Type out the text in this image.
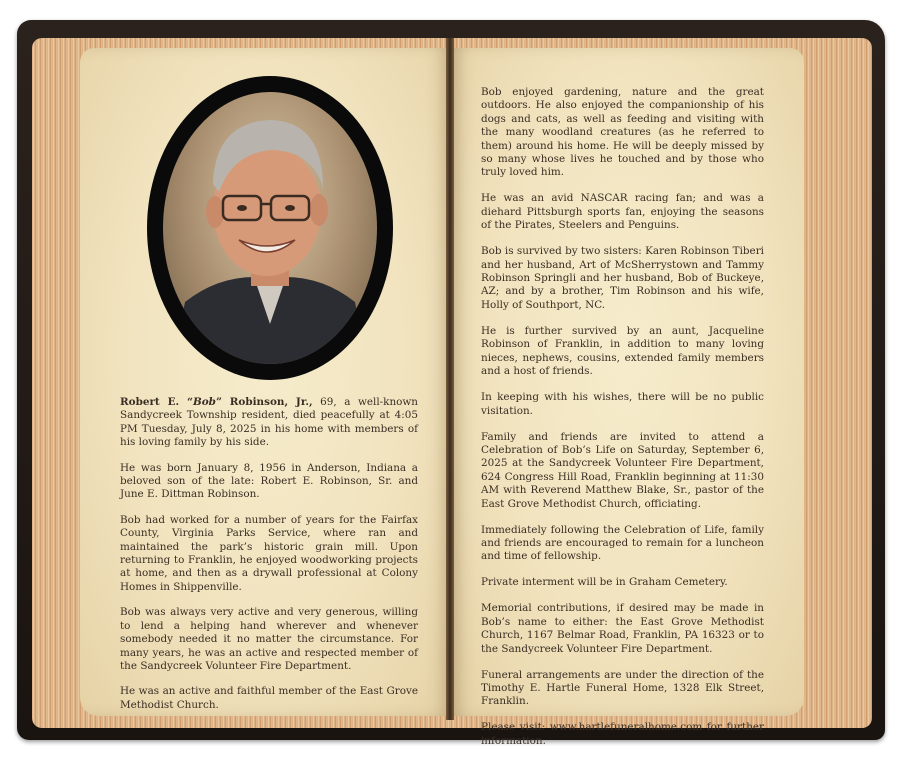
Robert E. “Bob” Robinson, Jr., 69, a well-known Sandycreek Township resident, died peacefully at 4:05 PM Tuesday, July 8, 2025 in his home with members of his loving family by his side.

He was born January 8, 1956 in Anderson, Indiana a beloved son of the late: Robert E. Robinson, Sr. and June E. Dittman Robinson.

Bob had worked for a number of years for the Fairfax County, Virginia Parks Service, where ran and maintained the park’s historic grain mill. Upon returning to Franklin, he enjoyed woodworking projects at home, and then as a drywall professional at Colony Homes in Shippenville.

Bob was always very active and very generous, willing to lend a helping hand wherever and whenever somebody needed it no matter the circumstance. For many years, he was an active and respected member of the Sandycreek Volunteer Fire Department.

He was an active and faithful member of the East Grove Methodist Church.

Bob enjoyed gardening, nature and the great outdoors. He also enjoyed the companionship of his dogs and cats, as well as feeding and visiting with the many woodland creatures (as he referred to them) around his home. He will be deeply missed by so many whose lives he touched and by those who truly loved him.

He was an avid NASCAR racing fan; and was a diehard Pittsburgh sports fan, enjoying the seasons of the Pirates, Steelers and Penguins.

Bob is survived by two sisters: Karen Robinson Tiberi and her husband, Art of McSherrystown and Tammy Robinson Springli and her husband, Bob of Buckeye, AZ; and by a brother, Tim Robinson and his wife, Holly of Southport, NC.

He is further survived by an aunt, Jacqueline Robinson of Franklin, in addition to many loving nieces, nephews, cousins, extended family members and a host of friends.

In keeping with his wishes, there will be no public visitation.

Family and friends are invited to attend a Celebration of Bob’s Life on Saturday, September 6, 2025 at the Sandycreek Volunteer Fire Department, 624 Congress Hill Road, Franklin beginning at 11:30 AM with Reverend Matthew Blake, Sr., pastor of the East Grove Methodist Church, officiating.

Immediately following the Celebration of Life, family and friends are encouraged to remain for a luncheon and time of fellowship.

Private interment will be in Graham Cemetery.

Memorial contributions, if desired may be made in Bob’s name to either: the East Grove Methodist Church, 1167 Belmar Road, Franklin, PA 16323 or to the Sandycreek Volunteer Fire Department.

Funeral arrangements are under the direction of the Timothy E. Hartle Funeral Home, 1328 Elk Street, Franklin.

Please visit: www.hartlefuneralhome.com for further information.
